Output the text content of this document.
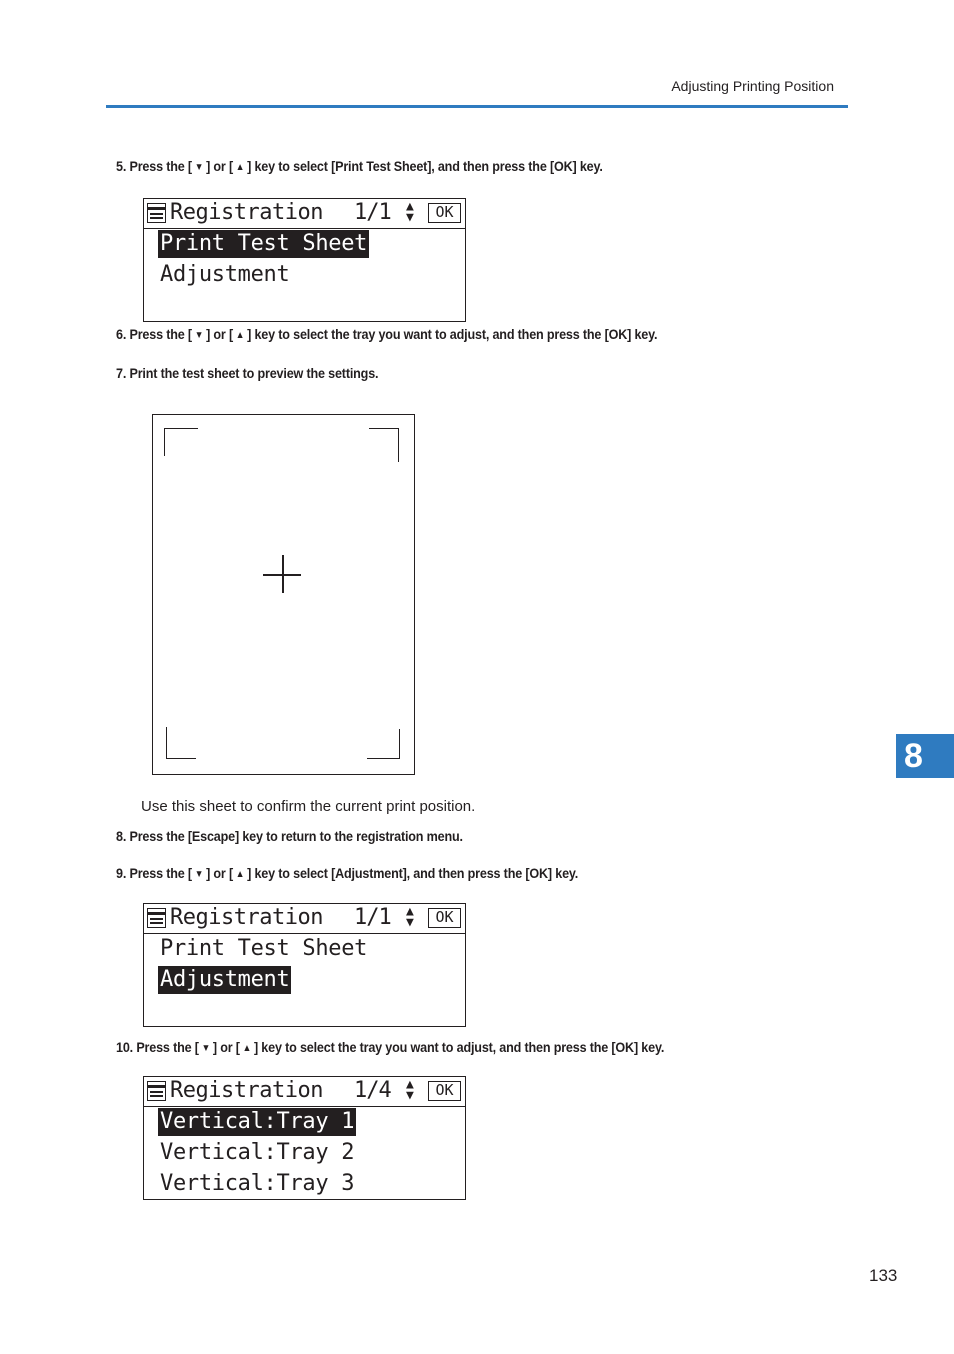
Adjusting Printing Position
5. Press the [ ▼ ] or [ ▲ ] key to select [Print Test Sheet], and then press the [OK] key.
Registration 1/1 ▲
▼	OK
Print Test Sheet
Adjustment
6. Press the [ ▼ ] or [ ▲ ] key to select the tray you want to adjust, and then press the [OK] key.
7. Print the test sheet to preview the settings.
Use this sheet to confirm the current print position.
8. Press the [Escape] key to return to the registration menu.
9. Press the [ ▼ ] or [ ▲ ] key to select [Adjustment], and then press the [OK] key.
Registration 1/1 ▲
▼	OK
Print Test Sheet
Adjustment
10. Press the [ ▼ ] or [ ▲ ] key to select the tray you want to adjust, and then press the [OK] key.
Registration 1/4 ▲
▼	OK
Vertical:Tray 1
Vertical:Tray 2
Vertical:Tray 3
8
133
